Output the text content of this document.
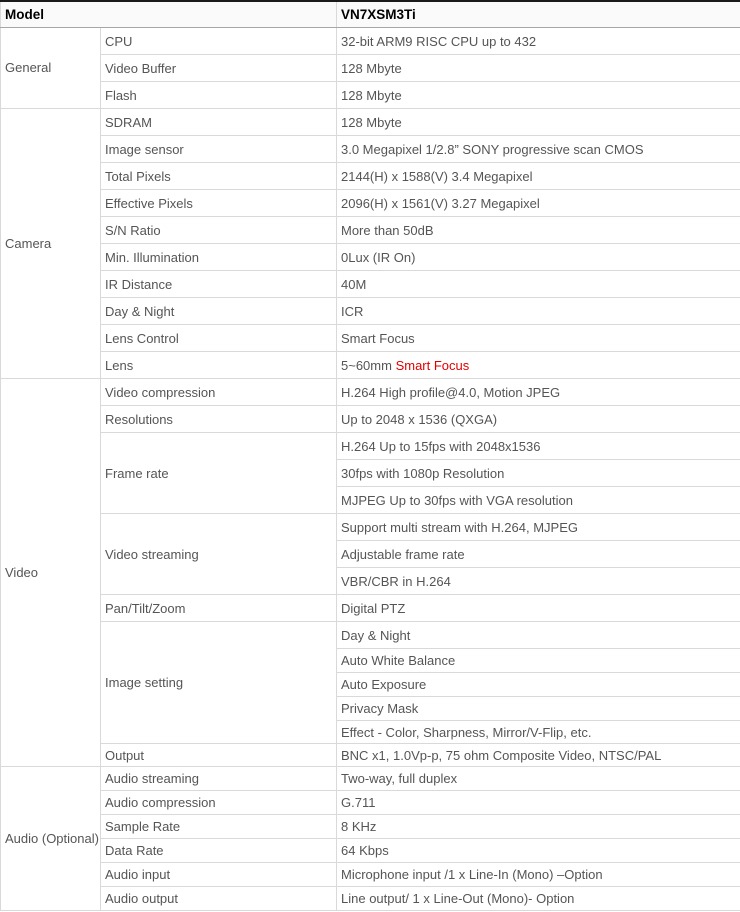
Model		VN7XSM3Ti
General	CPU	32-bit ARM9 RISC CPU up to 432
	Video Buffer	128 Mbyte
	Flash	128 Mbyte
Camera	SDRAM	128 Mbyte
	Image sensor	3.0 Megapixel 1/2.8” SONY progressive scan CMOS
	Total Pixels	2144(H) x 1588(V) 3.4 Megapixel
	Effective Pixels	2096(H) x 1561(V) 3.27 Megapixel
	S/N Ratio	More than 50dB
	Min. Illumination	0Lux (IR On)
	IR Distance	40M
	Day & Night	ICR
	Lens Control	Smart Focus
	Lens	5~60mm Smart Focus
Video	Video compression	H.264 High profile@4.0, Motion JPEG
	Resolutions	Up to 2048 x 1536 (QXGA)
	Frame rate	H.264 Up to 15fps with 2048x1536
		30fps with 1080p Resolution
		MJPEG Up to 30fps with VGA resolution
	Video streaming	Support multi stream with H.264, MJPEG
		Adjustable frame rate
		VBR/CBR in H.264
	Pan/Tilt/Zoom	Digital PTZ
	Image setting	Day & Night
		Auto White Balance
		Auto Exposure
		Privacy Mask
		Effect - Color, Sharpness, Mirror/V-Flip, etc.
	Output	BNC x1, 1.0Vp-p, 75 ohm Composite Video, NTSC/PAL
Audio (Optional)	Audio streaming	Two-way, full duplex
	Audio compression	G.711
	Sample Rate	8 KHz
	Data Rate	64 Kbps
	Audio input	Microphone input /1 x Line-In (Mono) –Option
	Audio output	Line output/ 1 x Line-Out (Mono)- Option
